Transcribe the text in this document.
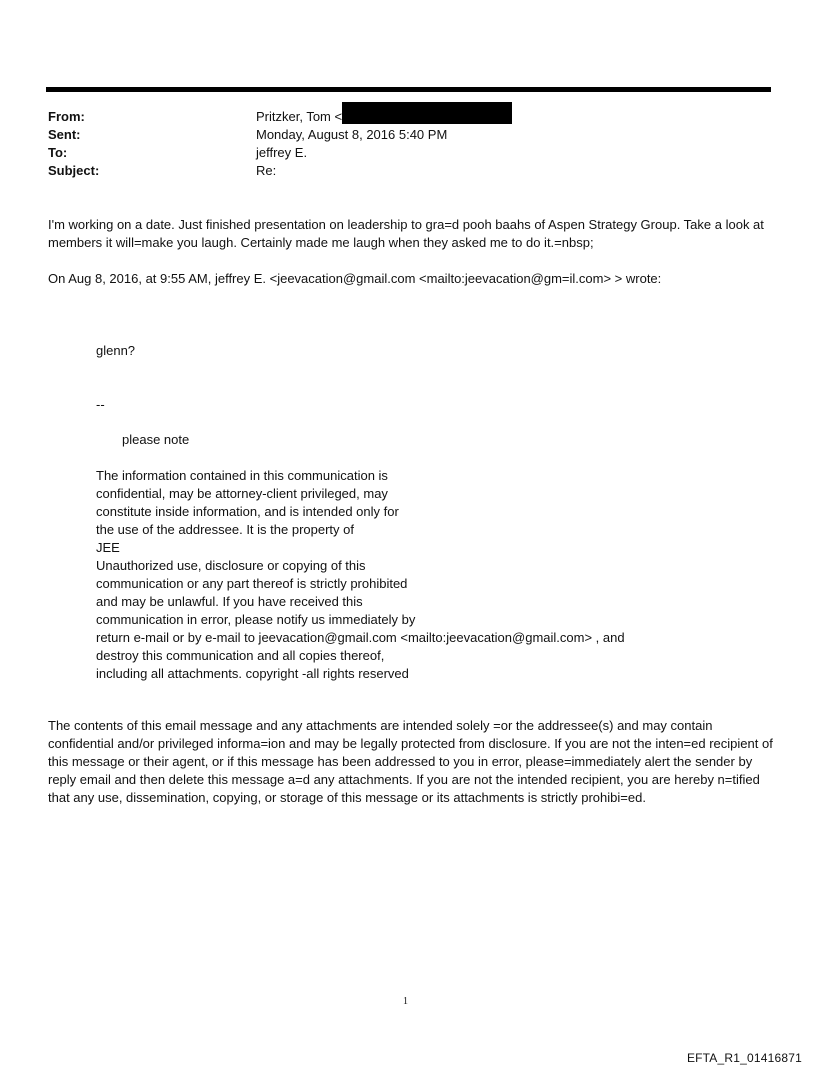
From:	Pritzker, Tom <
Sent:	Monday, August 8, 2016 5:40 PM
To:	jeffrey E.
Subject:	Re:
I'm working on a date. Just finished presentation on leadership to gra=d pooh baahs of Aspen Strategy Group. Take a look at members it will=make you laugh. Certainly made me laugh when they asked me to do it.=nbsp;
On Aug 8, 2016, at 9:55 AM, jeffrey E. <jeevacation@gmail.com <mailto:jeevacation@gm=il.com> > wrote:
glenn?
--
please note
The information contained in this communication is
confidential, may be attorney-client privileged, may
constitute inside information, and is intended only for
the use of the addressee. It is the property of
JEE
Unauthorized use, disclosure or copying of this
communication or any part thereof is strictly prohibited
and may be unlawful. If you have received this
communication in error, please notify us immediately by
return e-mail or by e-mail to jeevacation@gmail.com <mailto:jeevacation@gmail.com> , and
destroy this communication and all copies thereof,
including all attachments. copyright -all rights reserved
The contents of this email message and any attachments are intended solely =or the addressee(s) and may contain confidential and/or privileged informa=ion and may be legally protected from disclosure. If you are not the inten=ed recipient of this message or their agent, or if this message has been addressed to you in error, please=immediately alert the sender by reply email and then delete this message a=d any attachments. If you are not the intended recipient, you are hereby n=tified that any use, dissemination, copying, or storage of this message or its attachments is strictly prohibi=ed.
1
EFTA_R1_01416871
